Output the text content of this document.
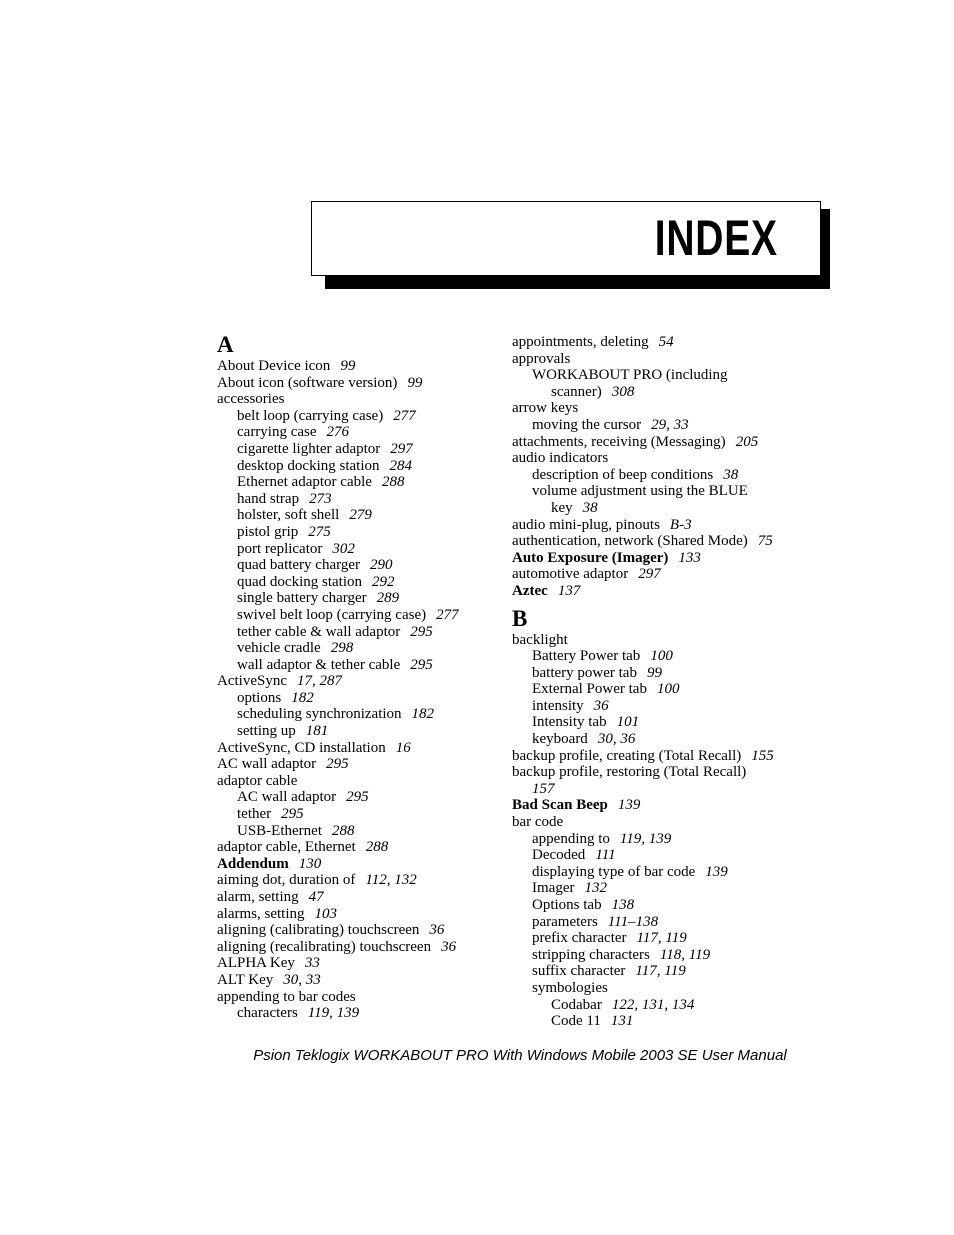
INDEX
A
About Device icon 99
About icon (software version) 99
accessories
belt loop (carrying case) 277
carrying case 276
cigarette lighter adaptor 297
desktop docking station 284
Ethernet adaptor cable 288
hand strap 273
holster, soft shell 279
pistol grip 275
port replicator 302
quad battery charger 290
quad docking station 292
single battery charger 289
swivel belt loop (carrying case) 277
tether cable & wall adaptor 295
vehicle cradle 298
wall adaptor & tether cable 295
ActiveSync 17, 287
options 182
scheduling synchronization 182
setting up 181
ActiveSync, CD installation 16
AC wall adaptor 295
adaptor cable
AC wall adaptor 295
tether 295
USB-Ethernet 288
adaptor cable, Ethernet 288
Addendum 130
aiming dot, duration of 112, 132
alarm, setting 47
alarms, setting 103
aligning (calibrating) touchscreen 36
aligning (recalibrating) touchscreen 36
ALPHA Key 33
ALT Key 30, 33
appending to bar codes
characters 119, 139
appointments, deleting 54
approvals
WORKABOUT PRO (including
scanner) 308
arrow keys
moving the cursor 29, 33
attachments, receiving (Messaging) 205
audio indicators
description of beep conditions 38
volume adjustment using the BLUE
key 38
audio mini-plug, pinouts B-3
authentication, network (Shared Mode) 75
Auto Exposure (Imager) 133
automotive adaptor 297
Aztec 137
B
backlight
Battery Power tab 100
battery power tab 99
External Power tab 100
intensity 36
Intensity tab 101
keyboard 30, 36
backup profile, creating (Total Recall) 155
backup profile, restoring (Total Recall)
157
Bad Scan Beep 139
bar code
appending to 119, 139
Decoded 111
displaying type of bar code 139
Imager 132
Options tab 138
parameters 111–138
prefix character 117, 119
stripping characters 118, 119
suffix character 117, 119
symbologies
Codabar 122, 131, 134
Code 11 131
Psion Teklogix WORKABOUT PRO With Windows Mobile 2003 SE User Manual
